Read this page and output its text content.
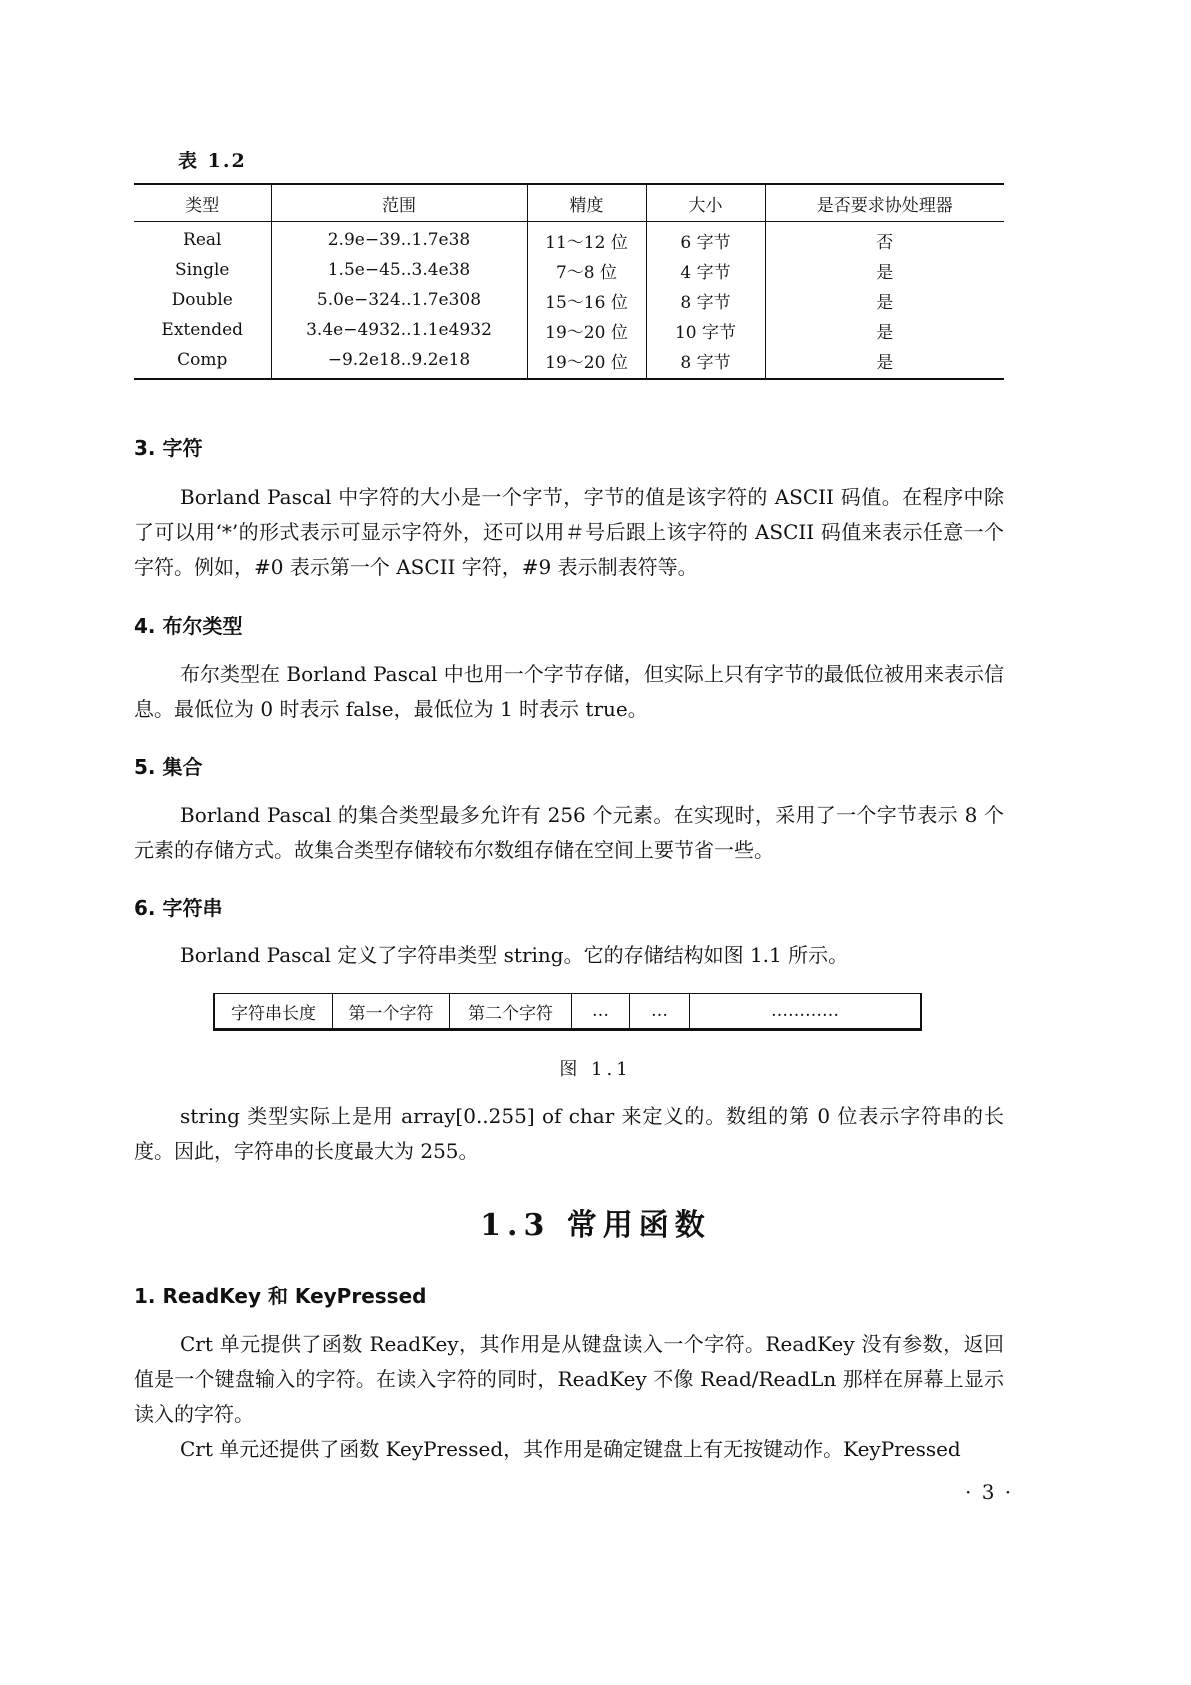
表 1.2
类型	范围	精度	大小	是否要求协处理器
Real	2.9e−39..1.7e38	11～12 位	6 字节	否
Single	1.5e−45..3.4e38	7～8 位	4 字节	是
Double	5.0e−324..1.7e308	15～16 位	8 字节	是
Extended	3.4e−4932..1.1e4932	19～20 位	10 字节	是
Comp	−9.2e18..9.2e18	19～20 位	8 字节	是
3. 字符

Borland Pascal 中字符的大小是一个字节，字节的值是该字符的 ASCII 码值。在程序中除了可以用‘*’的形式表示可显示字符外，还可以用＃号后跟上该字符的 ASCII 码值来表示任意一个字符。例如，#0 表示第一个 ASCII 字符，#9 表示制表符等。

4. 布尔类型

布尔类型在 Borland Pascal 中也用一个字节存储，但实际上只有字节的最低位被用来表示信息。最低位为 0 时表示 false，最低位为 1 时表示 true。

5. 集合

Borland Pascal 的集合类型最多允许有 256 个元素。在实现时，采用了一个字节表示 8 个元素的存储方式。故集合类型存储较布尔数组存储在空间上要节省一些。

6. 字符串

Borland Pascal 定义了字符串类型 string。它的存储结构如图 1.1 所示。

字符串长度	第一个字符	第二个字符	…	…	…………
图 1.1

string 类型实际上是用 array[0..255] of char 来定义的。数组的第 0 位表示字符串的长度。因此，字符串的长度最大为 255。

1.3 常用函数
1. ReadKey 和 KeyPressed

Crt 单元提供了函数 ReadKey，其作用是从键盘读入一个字符。ReadKey 没有参数，返回值是一个键盘输入的字符。在读入字符的同时，ReadKey 不像 Read/ReadLn 那样在屏幕上显示读入的字符。

Crt 单元还提供了函数 KeyPressed，其作用是确定键盘上有无按键动作。KeyPressed

· 3 ·
